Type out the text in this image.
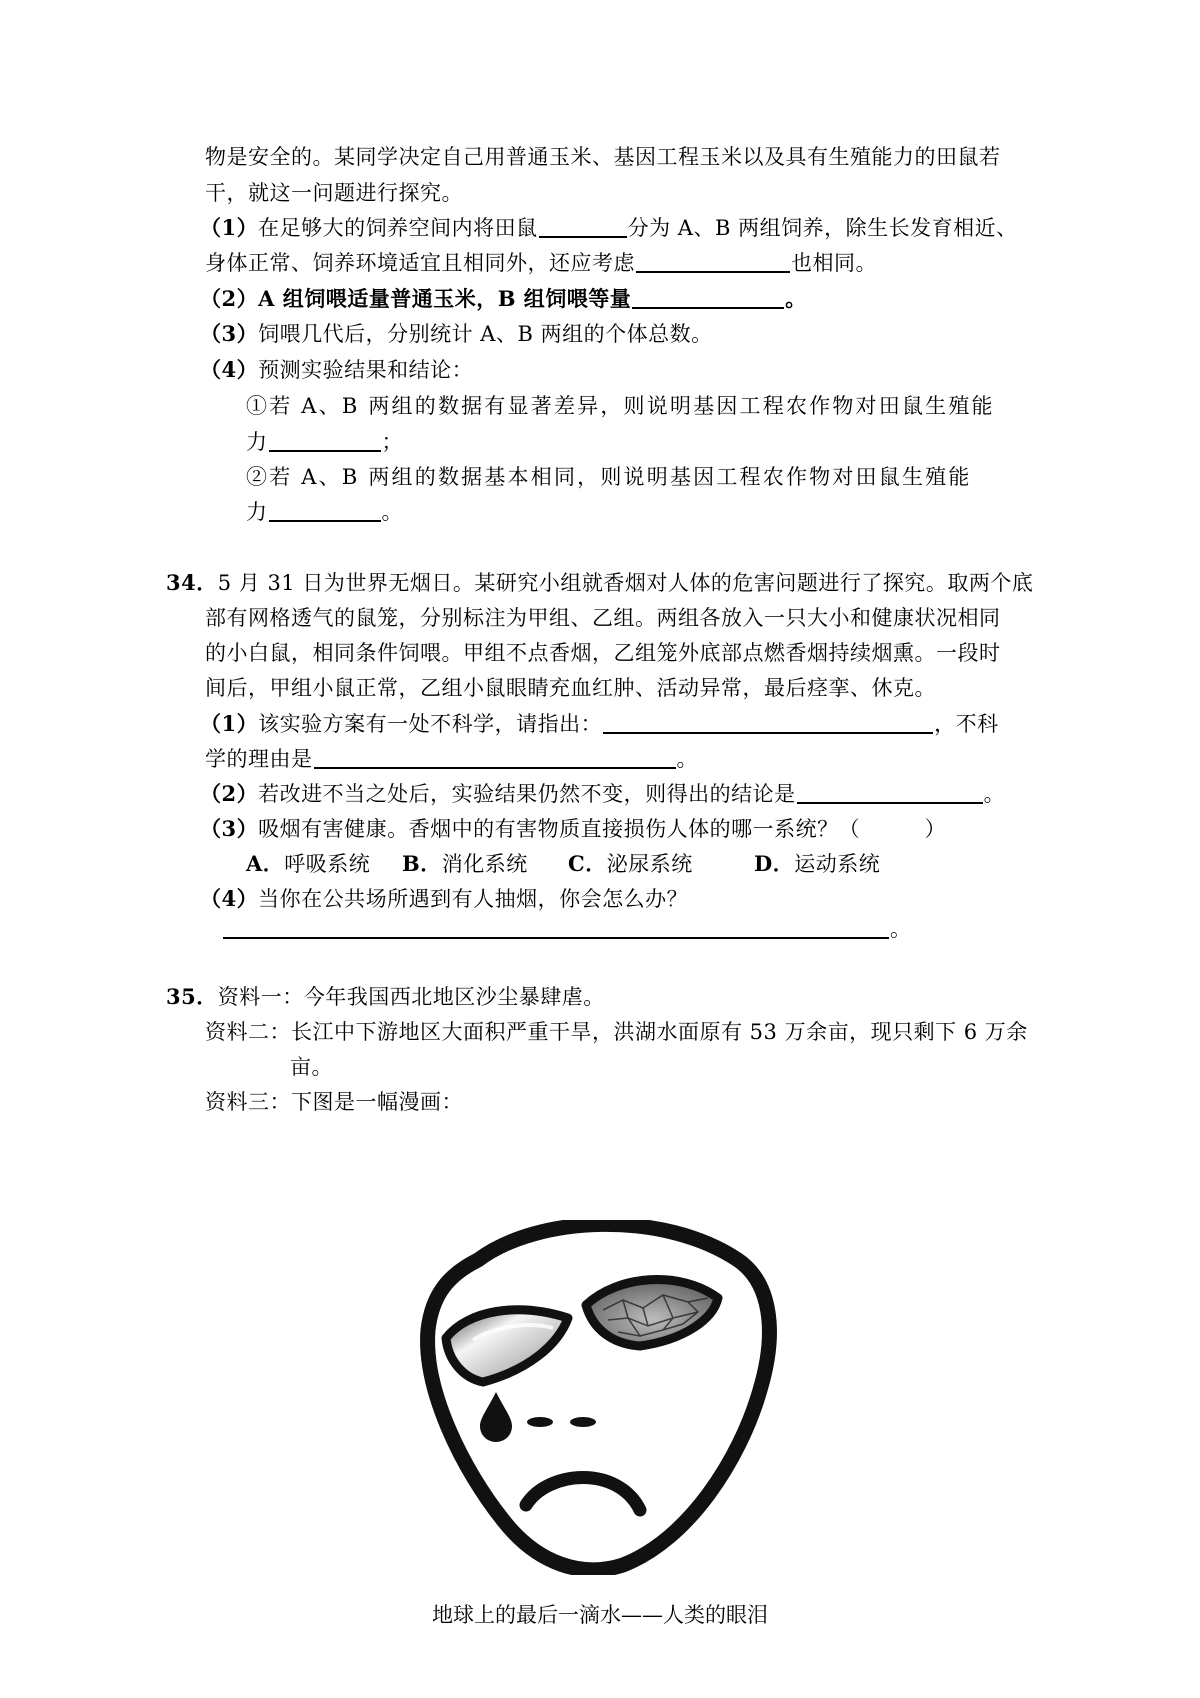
物是安全的。某同学决定自己用普通玉米、基因工程玉米以及具有生殖能力的田鼠若
干，就这一问题进行探究。
（1）在足够大的饲养空间内将田鼠	分为 A、B 两组饲养，除生长发育相近、
身体正常、饲养环境适宜且相同外，还应考虑	也相同。
（2）A 组饲喂适量普通玉米，B 组饲喂等量	。
（3）饲喂几代后，分别统计 A、B 两组的个体总数。
（4）预测实验结果和结论：
①若 A、B 两组的数据有显著差异，则说明基因工程农作物对田鼠生殖能
力	；
②若 A、B 两组的数据基本相同，则说明基因工程农作物对田鼠生殖能
力	。
34．5 月 31 日为世界无烟日。某研究小组就香烟对人体的危害问题进行了探究。取两个底
部有网格透气的鼠笼，分别标注为甲组、乙组。两组各放入一只大小和健康状况相同
的小白鼠，相同条件饲喂。甲组不点香烟，乙组笼外底部点燃香烟持续烟熏。一段时
间后，甲组小鼠正常，乙组小鼠眼睛充血红肿、活动异常，最后痉挛、休克。
（1）该实验方案有一处不科学，请指出：	，不科
学的理由是	。
（2）若改进不当之处后，实验结果仍然不变，则得出的结论是	。
（3）吸烟有害健康。香烟中的有害物质直接损伤人体的哪一系统？（　　　）
A．呼吸系统 B．消化系统 C．泌尿系统	D．运动系统
（4）当你在公共场所遇到有人抽烟，你会怎么办？
。
35．资料一：今年我国西北地区沙尘暴肆虐。
资料二：长江中下游地区大面积严重干旱，洪湖水面原有 53 万余亩，现只剩下 6 万余
亩。
资料三：下图是一幅漫画：
地球上的最后一滴水——人类的眼泪
